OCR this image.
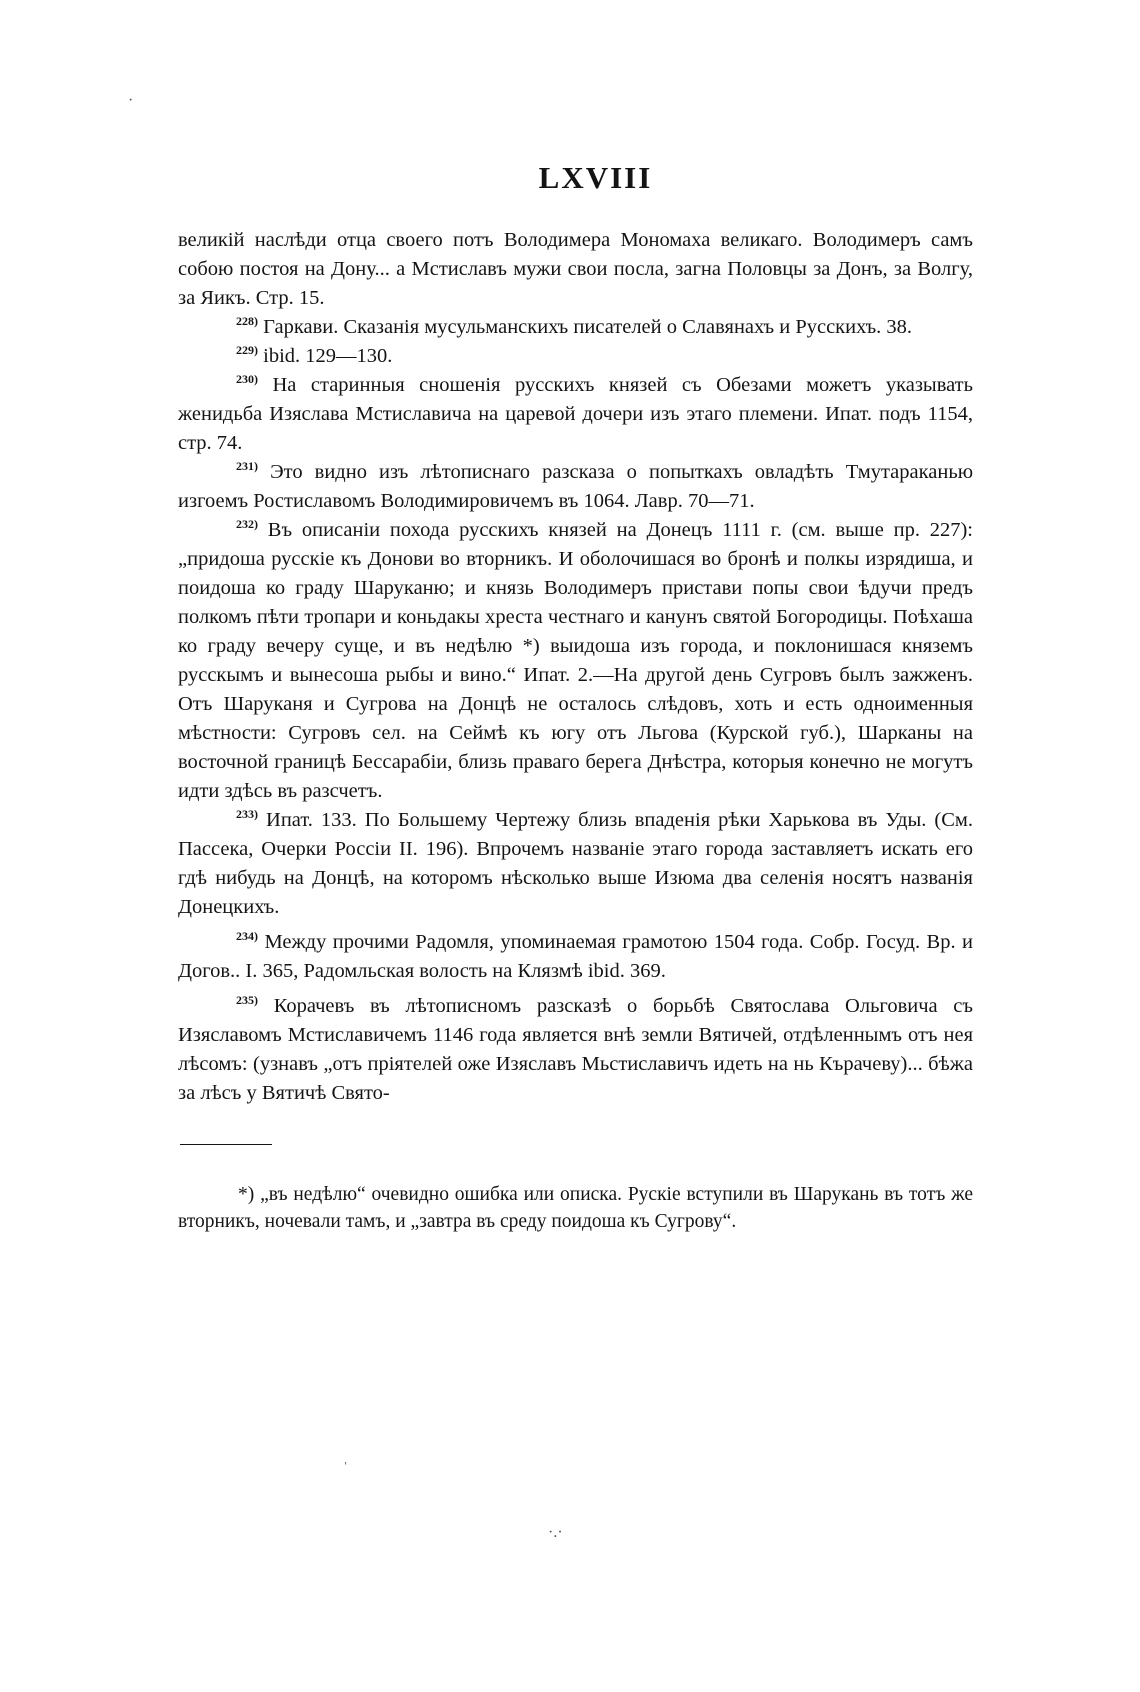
LXVIII

великій наслѣди отца своего потъ Володимера Мономаха великаго. Володимеръ самъ собою постоя на Дону... а Мстиславъ мужи свои посла, загна Половцы за Донъ, за Волгу, за Яикъ. Стр. 15.

$^{228)}$ Гаркави. Сказанія мусульманскихъ писателей о Славянахъ и Русскихъ. 38.

$^{229)}$ ibid. 129—130.

$^{230)}$ На старинныя сношенія русскихъ князей съ Обезами можетъ указывать женидьба Изяслава Мстиславича на царевой дочери изъ этаго племени. Ипат. подъ 1154, стр. 74.

$^{231)}$ Это видно изъ лѣтописнаго разсказа о попыткахъ овладѣть Тмутараканью изгоемъ Ростиславомъ Володимировичемъ въ 1064. Лавр. 70—71.

$^{232)}$ Въ описаніи похода русскихъ князей на Донецъ 1111 г. (см. выше пр. 227): „придоша русскіе къ Донови во вторникъ. И оболочишася во бронѣ и полкы изрядиша, и поидоша ко граду Шаруканю; и князь Володимеръ пристави попы свои ѣдучи предъ полкомъ пѣти тропари и коньдакы хреста честнаго и канунъ святой Богородицы. Поѣхаша ко граду вечеру суще, и въ недѣлю *) выидоша изъ города, и поклонишася княземъ русскымъ и вынесоша рыбы и вино.“ Ипат. 2.—На другой день Сугровъ былъ зажженъ. Отъ Шаруканя и Сугрова на Донцѣ не осталось слѣдовъ, хоть и есть одноименныя мѣстности: Сугровъ сел. на Сеймѣ къ югу отъ Льгова (Курской губ.), Шарканы на восточной границѣ Бессарабіи, близь праваго берега Днѣстра, которыя конечно не могутъ идти здѣсь въ разсчетъ.

$^{233)}$ Ипат. 133. По Большему Чертежу близь впаденія рѣки Харькова въ Уды. (См. Пассека, Очерки Россіи II. 196). Впрочемъ названіе этаго города заставляетъ искать его гдѣ нибудь на Донцѣ, на которомъ нѣсколько выше Изюма два селенія носятъ названія Донецкихъ.

$^{234)}$ Между прочими Радомля, упоминаемая грамотою 1504 года. Собр. Госуд. Вр. и Догов.. I. 365, Радомльская волость на Клязмѣ ibid. 369.

$^{235)}$ Корачевъ въ лѣтописномъ разсказѣ о борьбѣ Святослава Ольговича съ Изяславомъ Мстиславичемъ 1146 года является внѣ земли Вятичей, отдѣленнымъ отъ нея лѣсомъ: (узнавъ „отъ пріятелей оже Изяславъ Мьстиславичъ идеть на нь Кърачеву)... бѣжа за лѣсъ у Вятичѣ Свято-

*) „въ недѣлю“ очевидно ошибка или описка. Рускіе вступили въ Шарукань въ тотъ же вторникъ, ночевали тамъ, и „завтра въ среду поидоша къ Сугрову“.

·
ˌ
·.·
